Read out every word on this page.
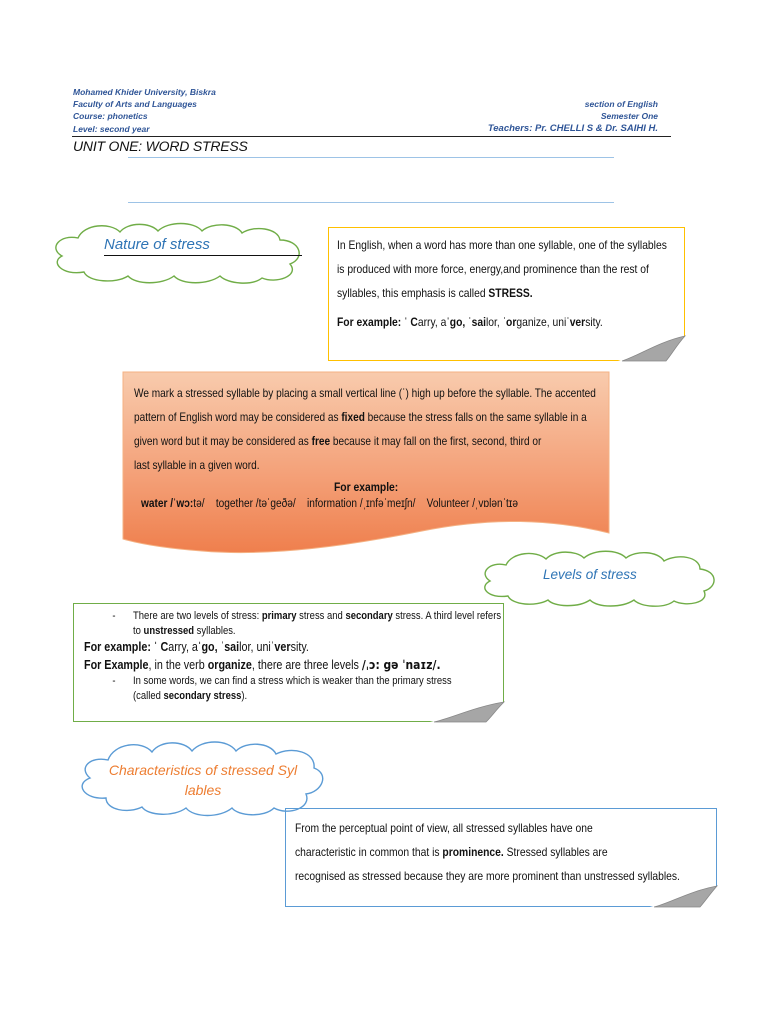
Mohamed Khider University, Biskra
Faculty of Arts and Languages
Course: phonetics
Level: second year
section of English
Semester One
Teachers: Pr. CHELLI S & Dr. SAIHI H.
UNIT ONE: WORD STRESS
Nature of stress	In English, when a word has more than one syllable, one of the syllables
is produced with more force, energy,and prominence than the rest of
syllables, this emphasis is called STRESS.
For example: ˈ Carry, aˈgo, ˈsailor, ˈorganize, uniˈversity.
We mark a stressed syllable by placing a small vertical line (ˈ) high up before the syllable. The accented
pattern of English word may be considered as fixed because the stress falls on the same syllable in a
given word but it may be considered as free because it may fall on the first, second, third or
last syllable in a given word.
For example:
water /ˈwɔ:tə/ together /təˈgeðə/ information /ˌɪnfəˈmeɪʃn/ Volunteer /ˌvɒlənˈtɪə
Levels of stress
- There are two levels of stress: primary stress and secondary stress. A third level refers
to unstressed syllables.
For example: ˈ Carry, aˈgo, ˈsailor, uniˈversity.
For Example, in the verb organize, there are three levels /ˌɔ: gə ˈnaɪz/.
- In some words, we can find a stress which is weaker than the primary stress
(called secondary stress).
Characteristics of stressed Syl
lables
From the perceptual point of view, all stressed syllables have one
characteristic in common that is prominence. Stressed syllables are
recognised as stressed because they are more prominent than unstressed syllables.
